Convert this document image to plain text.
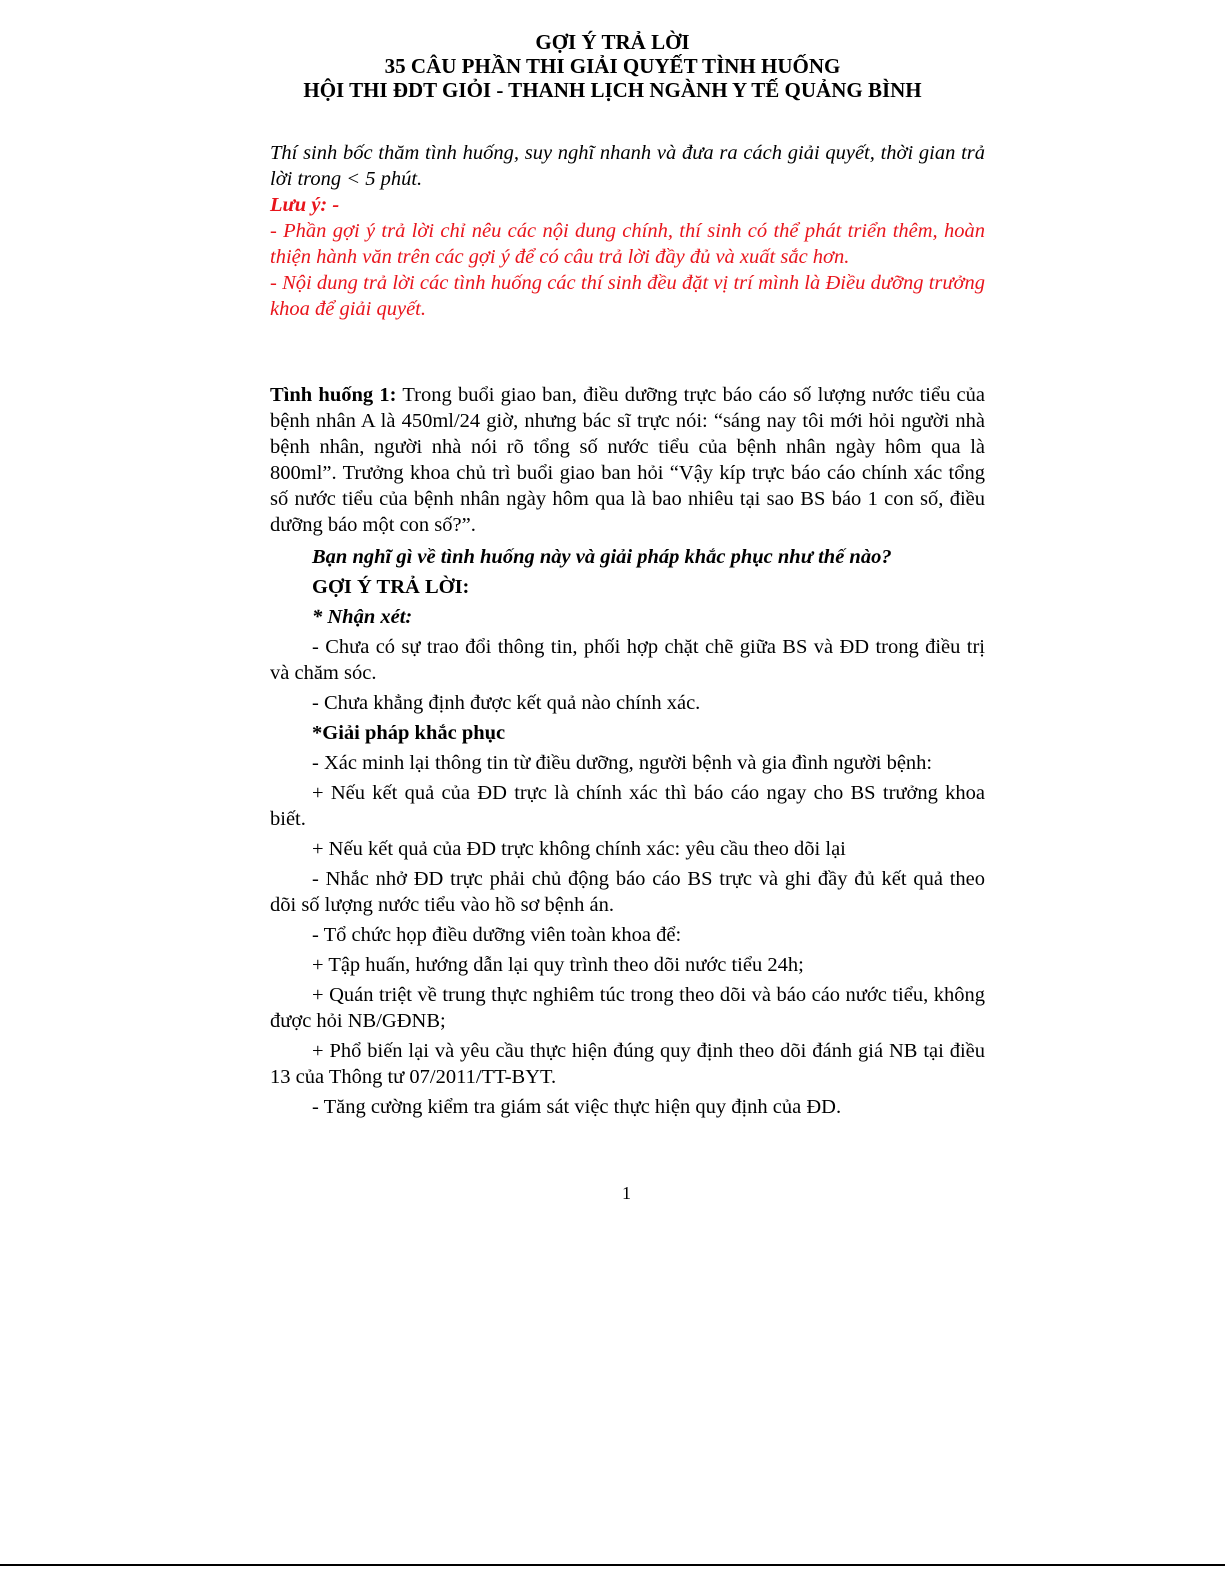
GỢI Ý TRẢ LỜI
35 CÂU PHẦN THI GIẢI QUYẾT TÌNH HUỐNG
HỘI THI ĐDT GIỎI - THANH LỊCH NGÀNH Y TẾ QUẢNG BÌNH
Thí sinh bốc thăm tình huống, suy nghĩ nhanh và đưa ra cách giải quyết, thời gian trả lời trong < 5 phút.
Lưu ý: -
- Phần gợi ý trả lời chỉ nêu các nội dung chính, thí sinh có thể phát triển thêm, hoàn thiện hành văn trên các gợi ý để có câu trả lời đầy đủ và xuất sắc hơn.
- Nội dung trả lời các tình huống các thí sinh đều đặt vị trí mình là Điều dưỡng trưởng khoa để giải quyết.

Tình huống 1: Trong buổi giao ban, điều dưỡng trực báo cáo số lượng nước tiểu của bệnh nhân A là 450ml/24 giờ, nhưng bác sĩ trực nói: “sáng nay tôi mới hỏi người nhà bệnh nhân, người nhà nói rõ tổng số nước tiểu của bệnh nhân ngày hôm qua là 800ml”. Trưởng khoa chủ trì buổi giao ban hỏi “Vậy kíp trực báo cáo chính xác tổng số nước tiểu của bệnh nhân ngày hôm qua là bao nhiêu tại sao BS báo 1 con số, điều dưỡng báo một con số?”.

Bạn nghĩ gì về tình huống này và giải pháp khắc phục như thế nào?

GỢI Ý TRẢ LỜI:

* Nhận xét:

- Chưa có sự trao đổi thông tin, phối hợp chặt chẽ giữa BS và ĐD trong điều trị và chăm sóc.

- Chưa khẳng định được kết quả nào chính xác.

*Giải pháp khắc phục

- Xác minh lại thông tin từ điều dưỡng, người bệnh và gia đình người bệnh:

+ Nếu kết quả của ĐD trực là chính xác thì báo cáo ngay cho BS trưởng khoa biết.

+ Nếu kết quả của ĐD trực không chính xác: yêu cầu theo dõi lại

- Nhắc nhở ĐD trực phải chủ động báo cáo BS trực và ghi đầy đủ kết quả theo dõi số lượng nước tiểu vào hồ sơ bệnh án.

- Tổ chức họp điều dưỡng viên toàn khoa để:

+ Tập huấn, hướng dẫn lại quy trình theo dõi nước tiểu 24h;

+ Quán triệt về trung thực nghiêm túc trong theo dõi và báo cáo nước tiểu, không được hỏi NB/GĐNB;

+ Phổ biến lại và yêu cầu thực hiện đúng quy định theo dõi đánh giá NB tại điều 13 của Thông tư 07/2011/TT-BYT.

- Tăng cường kiểm tra giám sát việc thực hiện quy định của ĐD.

1
